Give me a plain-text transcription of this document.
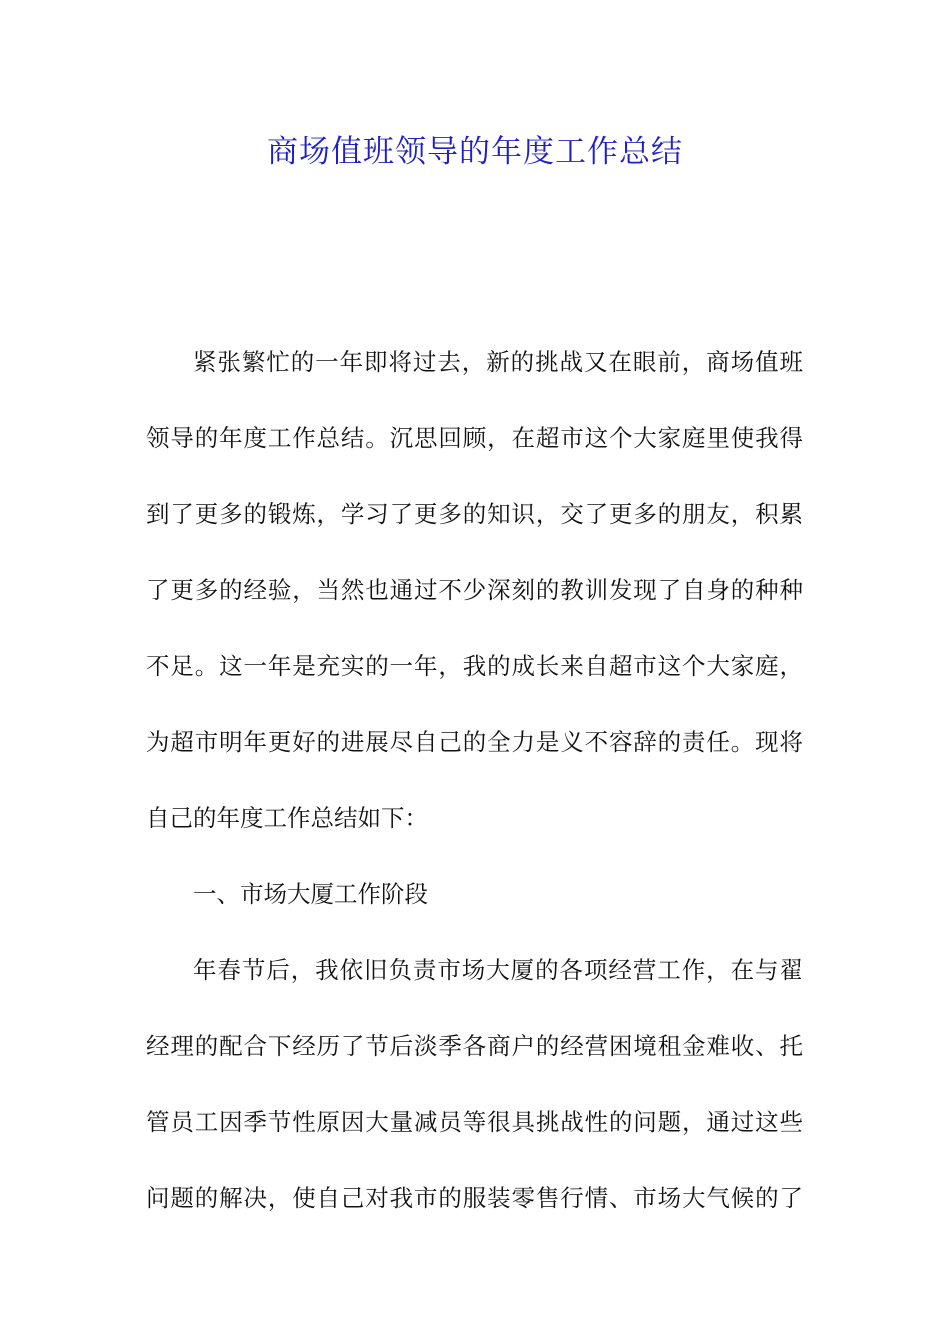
商场值班领导的年度工作总结
紧张繁忙的一年即将过去，新的挑战又在眼前，商场值班
领导的年度工作总结。沉思回顾，在超市这个大家庭里使我得
到了更多的锻炼，学习了更多的知识，交了更多的朋友，积累
了更多的经验，当然也通过不少深刻的教训发现了自身的种种
不足。这一年是充实的一年，我的成长来自超市这个大家庭，
为超市明年更好的进展尽自己的全力是义不容辞的责任。现将
自己的年度工作总结如下：
一、市场大厦工作阶段
年春节后，我依旧负责市场大厦的各项经营工作，在与翟
经理的配合下经历了节后淡季各商户的经营困境租金难收、托
管员工因季节性原因大量减员等很具挑战性的问题，通过这些
问题的解决，使自己对我市的服装零售行情、市场大气候的了
